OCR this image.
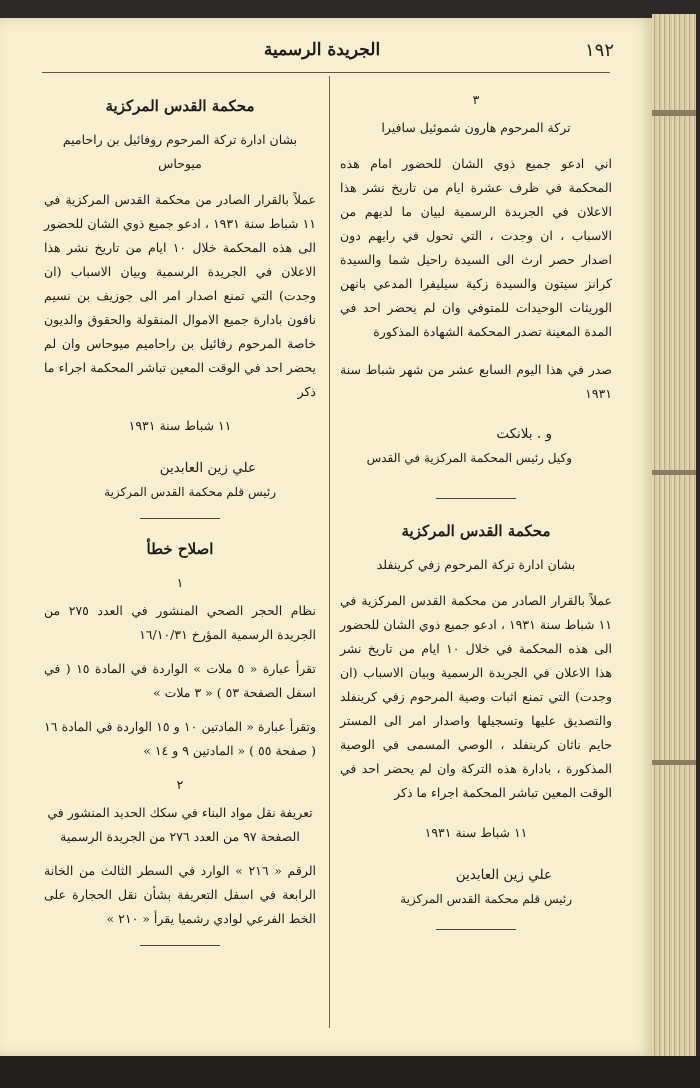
١٩٢
الجريدة الرسمية
٣
تركة المرحوم هارون شموئيل سافيرا
اني ادعو جميع ذوي الشان للحضور امام هذه المحكمة في ظرف عشرة ايام من تاريخ نشر هذا الاعلان في الجريدة الرسمية لبيان ما لديهم من الاسباب ، ان وجدت ، التي تحول في رايهم دون اصدار حصر ارث الى السيدة راحيل شما والسيدة كرانز سيتون والسيدة زكية سيليفرا المدعي بانهن الوريثات الوحيدات للمتوفي وان لم يحضر احد في المدة المعينة تصدر المحكمة الشهادة المذكورة
صدر في هذا اليوم السابع عشر من شهر شباط سنة ١٩٣١
و . بلانكت
وكيل رئيس المحكمة المركزية في القدس
محكمة القدس المركزية
بشان ادارة تركة المرحوم زفي كرينفلد
عملاً بالقرار الصادر من محكمة القدس المركزية في ١١ شباط سنة ١٩٣١ ، ادعو جميع ذوي الشان للحضور الى هذه المحكمة في خلال ١٠ ايام من تاريخ نشر هذا الاعلان في الجريدة الرسمية وبيان الاسباب (ان وجدت) التي تمنع اثبات وصية المرحوم زفي كرينفلد والتصديق عليها وتسجيلها واصدار امر الى المستر حايم ناثان كرينفلد ، الوصي المسمى في الوصية المذكورة ، بادارة هذه التركة وان لم يحضر احد في الوقت المعين تباشر المحكمة اجراء ما ذكر
١١ شباط سنة ١٩٣١
علي زين العابدين
رئيس قلم محكمة القدس المركزية
محكمة القدس المركزية
بشان ادارة تركة المرحوم روفائيل بن راحاميم ميوحاس
عملاً بالقرار الصادر من محكمة القدس المركزية في ١١ شباط سنة ١٩٣١ ، ادعو جميع ذوي الشان للحضور الى هذه المحكمة خلال ١٠ ايام من تاريخ نشر هذا الاعلان في الجريدة الرسمية وبيان الاسباب (ان وجدت) التي تمنع اصدار امر الى جوزيف بن نسيم نافون بادارة جميع الاموال المنقولة والحقوق والديون خاصة المرحوم رفائيل بن راحاميم ميوحاس وان لم يحضر احد في الوقت المعين تباشر المحكمة اجراء ما ذكر
١١ شباط سنة ١٩٣١
علي زين العابدين
رئيس قلم محكمة القدس المركزية
اصلاح خطأ
١
نظام الحجر الصحي المنشور في العدد ٢٧٥ من الجريدة الرسمية المؤرخ ١٦/١٠/٣١
تقرأ عبارة « ٥ ملات » الواردة في المادة ١٥ ( في اسفل الصفحة ٥٣ ) « ٣ ملات »
وتقرأ عبارة « المادتين ١٠ و ١٥ الواردة في المادة ١٦ ( صفحة ٥٥ ) « المادتين ٩ و ١٤ »
٢
تعريفة نقل مواد البناء في سكك الحديد المنشور في الصفحة ٩٧ من العدد ٢٧٦ من الجريدة الرسمية
الرقم « ٢١٦ » الوارد في السطر الثالث من الخانة الرابعة في اسفل التعريفة بشأن نقل الحجارة على الخط الفرعي لوادي رشميا يقرأ « ٢١٠ »
